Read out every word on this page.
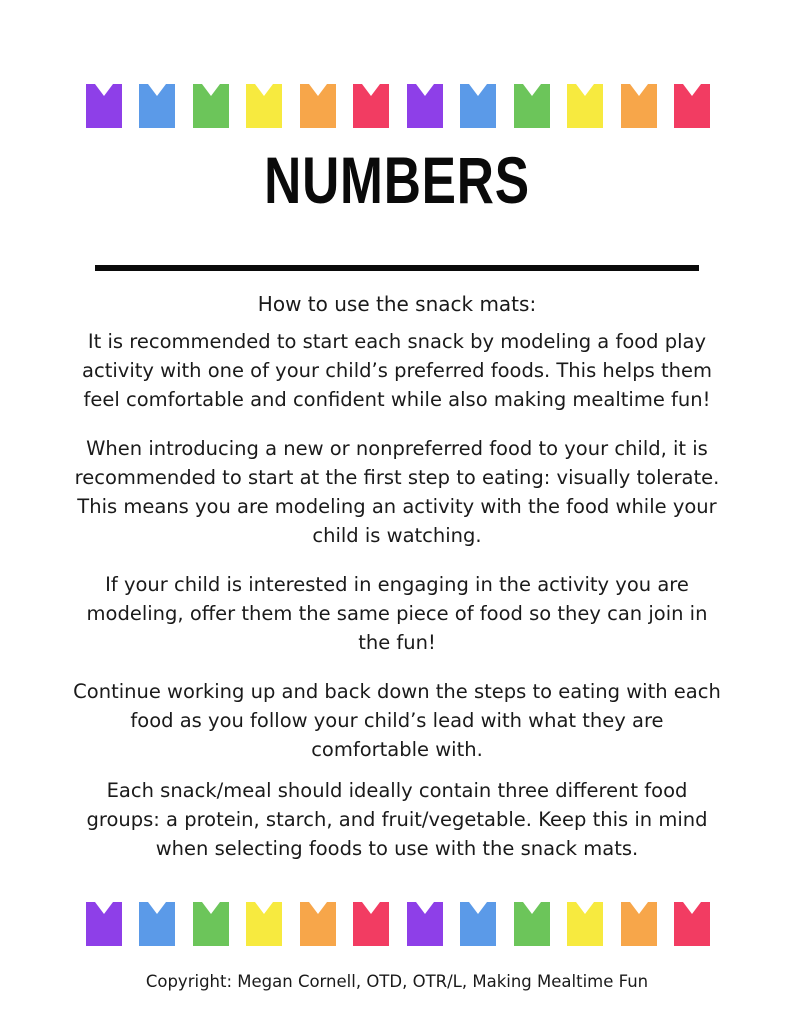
NUMBERS

How to use the snack mats:

It is recommended to start each snack by modeling a food play activity with one of your child’s preferred foods. This helps them feel comfortable and confident while also making mealtime fun!

When introducing a new or nonpreferred food to your child, it is recommended to start at the first step to eating: visually tolerate. This means you are modeling an activity with the food while your child is watching.

If your child is interested in engaging in the activity you are modeling, offer them the same piece of food so they can join in the fun!

Continue working up and back down the steps to eating with each food as you follow your child’s lead with what they are comfortable with.

Each snack/meal should ideally contain three different food groups: a protein, starch, and fruit/vegetable. Keep this in mind when selecting foods to use with the snack mats.

Copyright: Megan Cornell, OTD, OTR/L, Making Mealtime Fun
